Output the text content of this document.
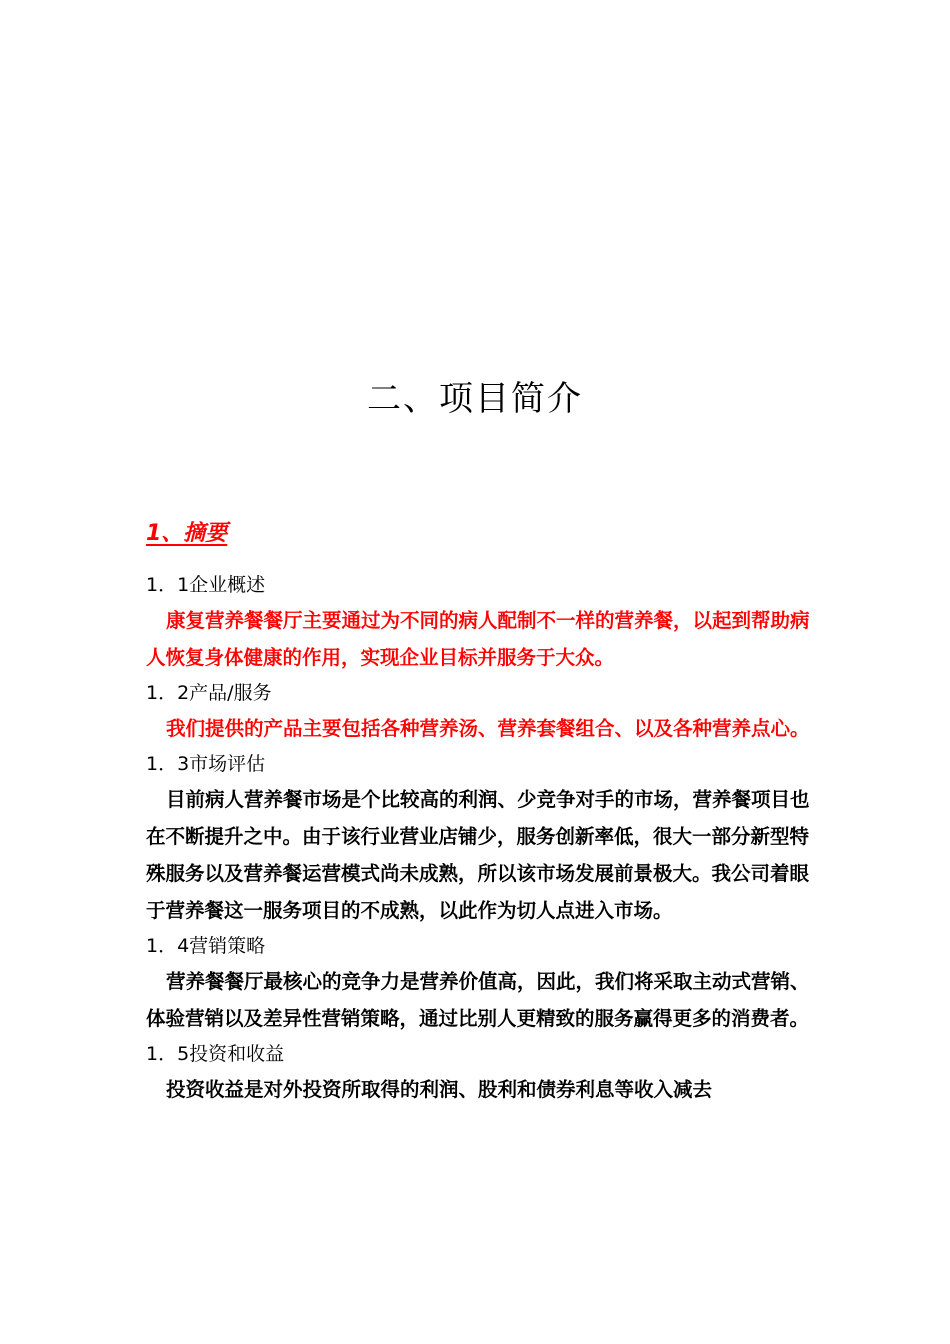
二、项目简介
1、摘要
1．1企业概述

康复营养餐餐厅主要通过为不同的病人配制不一样的营养餐，以起到帮助病人恢复身体健康的作用，实现企业目标并服务于大众。

1．2产品/服务

我们提供的产品主要包括各种营养汤、营养套餐组合、以及各种营养点心。

1．3市场评估

目前病人营养餐市场是个比较高的利润、少竞争对手的市场，营养餐项目也在不断提升之中。由于该行业营业店铺少，服务创新率低，很大一部分新型特殊服务以及营养餐运营模式尚未成熟，所以该市场发展前景极大。我公司着眼于营养餐这一服务项目的不成熟，以此作为切人点进入市场。

1．4营销策略

营养餐餐厅最核心的竞争力是营养价值高，因此，我们将采取主动式营销、体验营销以及差异性营销策略，通过比别人更精致的服务赢得更多的消费者。

1．5投资和收益

投资收益是对外投资所取得的利润、股利和债券利息等收入减去
